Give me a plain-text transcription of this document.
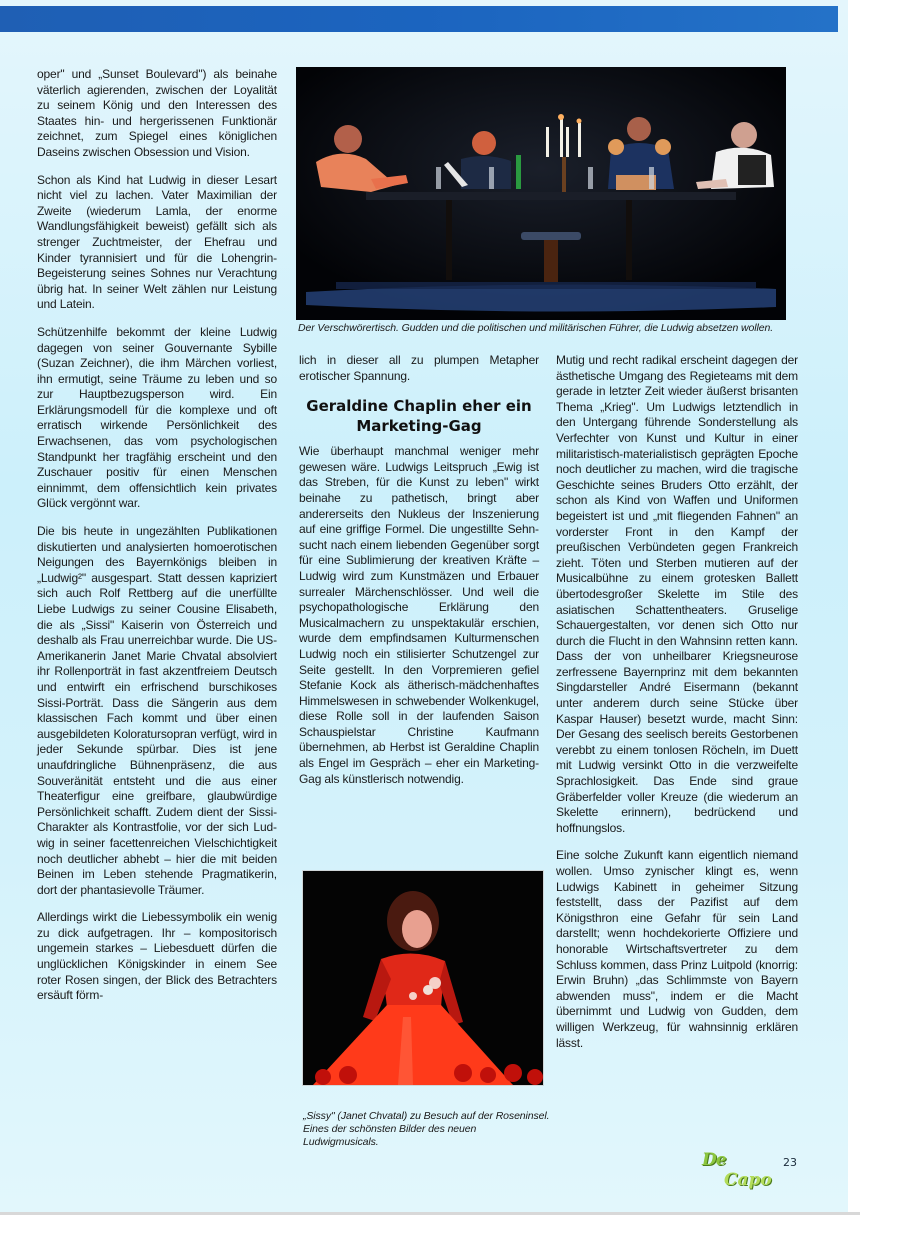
oper" und „Sunset Boulevard") als beinahe väterlich agierenden, zwischen der Loyalität zu seinem König und den Interessen des Staates hin- und hergerissenen Funktionär zeichnet, zum Spiegel eines königlichen Daseins zwischen Obsession und Vision.

Schon als Kind hat Ludwig in dieser Lesart nicht viel zu lachen. Vater Maximilian der Zweite (wiederum Lamla, der enorme Wandlungsfähigkeit beweist) gefällt sich als strenger Zuchtmeister, der Ehefrau und Kinder tyrannisiert und für die Lohengrin-Begeisterung seines Sohnes nur Verachtung übrig hat. In seiner Welt zählen nur Leistung und Latein.

Schützenhilfe bekommt der kleine Ludwig dagegen von seiner Gouvernante Sybille (Suzan Zeichner), die ihm Märchen vorliest, ihn ermutigt, seine Träume zu leben und so zur Hauptbezugsperson wird. Ein Erklärungsmodell für die komplexe und oft erratisch wirkende Persönlichkeit des Erwachsenen, das vom psychologischen Standpunkt her tragfähig erscheint und den Zuschauer positiv für einen Menschen einnimmt, dem offensichtlich kein privates Glück vergönnt war.

Die bis heute in ungezählten Publikationen diskutierten und analysierten homoerotischen Neigungen des Bayernkönigs bleiben in „Ludwig²" ausgespart. Statt dessen kapriziert sich auch Rolf Rettberg auf die unerfüllte Liebe Ludwigs zu seiner Cousine Elisabeth, die als „Sissi" Kaiserin von Österreich und deshalb als Frau unerreichbar wurde. Die US-Amerikanerin Janet Marie Chvatal absolviert ihr Rollenporträt in fast akzentfreiem Deutsch und entwirft ein erfrischend burschikoses Sissi-Porträt. Dass die Sängerin aus dem klassischen Fach kommt und über einen ausgebildeten Koloratursopran verfügt, wird in jeder Sekunde spürbar. Dies ist jene unaufdringliche Bühnenpräsenz, die aus Souveränität entsteht und die aus einer Theaterfigur eine greifbare, glaubwürdige Persönlichkeit schafft. Zudem dient der Sissi-Charakter als Kontrastfolie, vor der sich Ludwig in seiner facettenreichen Vielschichtigkeit noch deutlicher abhebt – hier die mit beiden Beinen im Leben stehende Pragmatikerin, dort der phantasievolle Träumer.

Allerdings wirkt die Liebessymbolik ein wenig zu dick aufgetragen. Ihr – kompositorisch ungemein starkes – Liebesduett dürfen die unglücklichen Königskinder in einem See roter Rosen singen, der Blick des Betrachters ersäuft förm-

Der Verschwörertisch. Gudden und die politischen und militärischen Führer, die Ludwig absetzen wollen.

lich in dieser all zu plumpen Metapher erotischer Spannung.

Geraldine Chaplin eher ein Marketing-Gag

Wie überhaupt manchmal weniger mehr gewesen wäre. Ludwigs Leitspruch „Ewig ist das Streben, für die Kunst zu leben" wirkt beinahe zu pathetisch, bringt aber andererseits den Nukleus der Inszenierung auf eine griffige Formel. Die ungestillte Sehnsucht nach einem liebenden Gegenüber sorgt für eine Sublimierung der kreativen Kräfte – Ludwig wird zum Kunstmäzen und Erbauer surrealer Märchenschlösser. Und weil die psychopathologische Erklärung den Musicalmachern zu unspektakulär erschien, wurde dem empfindsamen Kulturmenschen Ludwig noch ein stilisierter Schutzengel zur Seite gestellt. In den Vorpremieren gefiel Stefanie Kock als ätherisch-mädchenhaftes Himmelswesen in schwebender Wolkenkugel, diese Rolle soll in der laufenden Saison Schauspielstar Christine Kaufmann übernehmen, ab Herbst ist Geraldine Chaplin als Engel im Gespräch – eher ein Marketing-Gag als künstlerisch notwendig.

„Sissy" (Janet Chvatal) zu Besuch auf der Roseninsel.
Eines der schönsten Bilder des neuen Ludwigmusicals.

Mutig und recht radikal erscheint dagegen der ästhetische Umgang des Regieteams mit dem gerade in letzter Zeit wieder äußerst brisanten Thema „Krieg". Um Ludwigs letztendlich in den Untergang führende Sonderstellung als Verfechter von Kunst und Kultur in einer militaristisch-materialistisch geprägten Epoche noch deutlicher zu machen, wird die tragische Geschichte seines Bruders Otto erzählt, der schon als Kind von Waffen und Uniformen begeistert ist und „mit fliegenden Fahnen" an vorderster Front in den Kampf der preußischen Verbündeten gegen Frankreich zieht. Töten und Sterben mutieren auf der Musicalbühne zu einem grotesken Ballett übertodesgroßer Skelette im Stile des asiatischen Schattentheaters. Gruselige Schauergestalten, vor denen sich Otto nur durch die Flucht in den Wahnsinn retten kann. Dass der von unheilbarer Kriegsneurose zerfressene Bayernprinz mit dem bekannten Singdarsteller André Eisermann (bekannt unter anderem durch seine Stücke über Kaspar Hauser) besetzt wurde, macht Sinn: Der Gesang des seelisch bereits Gestorbenen verebbt zu einem tonlosen Röcheln, im Duett mit Ludwig versinkt Otto in die verzweifelte Sprachlosigkeit. Das Ende sind graue Gräberfelder voller Kreuze (die wiederum an Skelette erinnern), bedrückend und hoffnungslos.

Eine solche Zukunft kann eigentlich niemand wollen. Umso zynischer klingt es, wenn Ludwigs Kabinett in geheimer Sitzung feststellt, dass der Pazifist auf dem Königsthron eine Gefahr für sein Land darstellt; wenn hochdekorierte Offiziere und honorable Wirtschaftsvertreter zu dem Schluss kommen, dass Prinz Luitpold (knorrig: Erwin Bruhn) „das Schlimmste von Bayern abwenden muss", indem er die Macht übernimmt und Ludwig von Gudden, dem willigen Werkzeug, für wahnsinnig erklären lässt.

De
Capo
23
